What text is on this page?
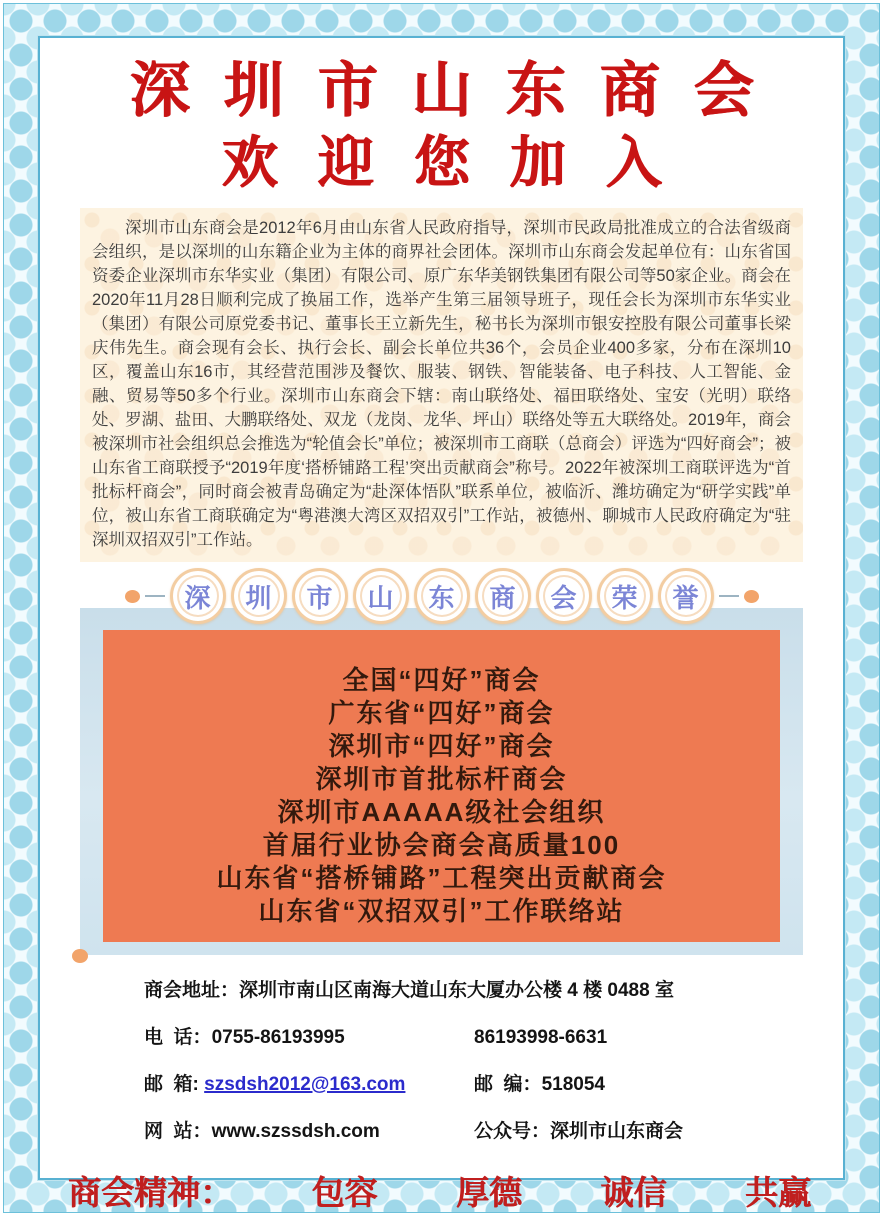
深圳市山东商会
欢迎您加入
深圳市山东商会是2012年6月由山东省人民政府指导，深圳市民政局批准成立的合法省级商会组织，是以深圳的山东籍企业为主体的商界社会团体。深圳市山东商会发起单位有：山东省国资委企业深圳市东华实业（集团）有限公司、原广东华美钢铁集团有限公司等50家企业。商会在2020年11月28日顺利完成了换届工作，选举产生第三届领导班子，现任会长为深圳市东华实业（集团）有限公司原党委书记、董事长王立新先生，秘书长为深圳市银安控股有限公司董事长梁庆伟先生。商会现有会长、执行会长、副会长单位共36个，会员企业400多家，分布在深圳10区，覆盖山东16市，其经营范围涉及餐饮、服装、钢铁、智能装备、电子科技、人工智能、金融、贸易等50多个行业。深圳市山东商会下辖：南山联络处、福田联络处、宝安（光明）联络处、罗湖、盐田、大鹏联络处、双龙（龙岗、龙华、坪山）联络处等五大联络处。2019年，商会被深圳市社会组织总会推选为“轮值会长”单位；被深圳市工商联（总商会）评选为“四好商会”；被山东省工商联授予“2019年度‘搭桥铺路工程’突出贡献商会”称号。2022年被深圳工商联评选为“首批标杆商会”，同时商会被青岛确定为“赴深体悟队”联系单位，被临沂、潍坊确定为“研学实践”单位，被山东省工商联确定为“粤港澳大湾区双招双引”工作站，被德州、聊城市人民政府确定为“驻深圳双招双引”工作站。
深	圳	市	山	东	商	会	荣	誉
全国“四好”商会
广东省“四好”商会
深圳市“四好”商会
深圳市首批标杆商会
深圳市AAAAA级社会组织
首届行业协会商会高质量100
山东省“搭桥铺路”工程突出贡献商会
山东省“双招双引”工作联络站
商会地址：深圳市南山区南海大道山东大厦办公楼 4 楼 0488 室
电  话：0755-86193995	86193998-6631
邮  箱: szsdsh2012@163.com	邮  编：518054
网  站：www.szssdsh.com	公众号：深圳市山东商会
商会精神： 包容 厚德 诚信 共赢
